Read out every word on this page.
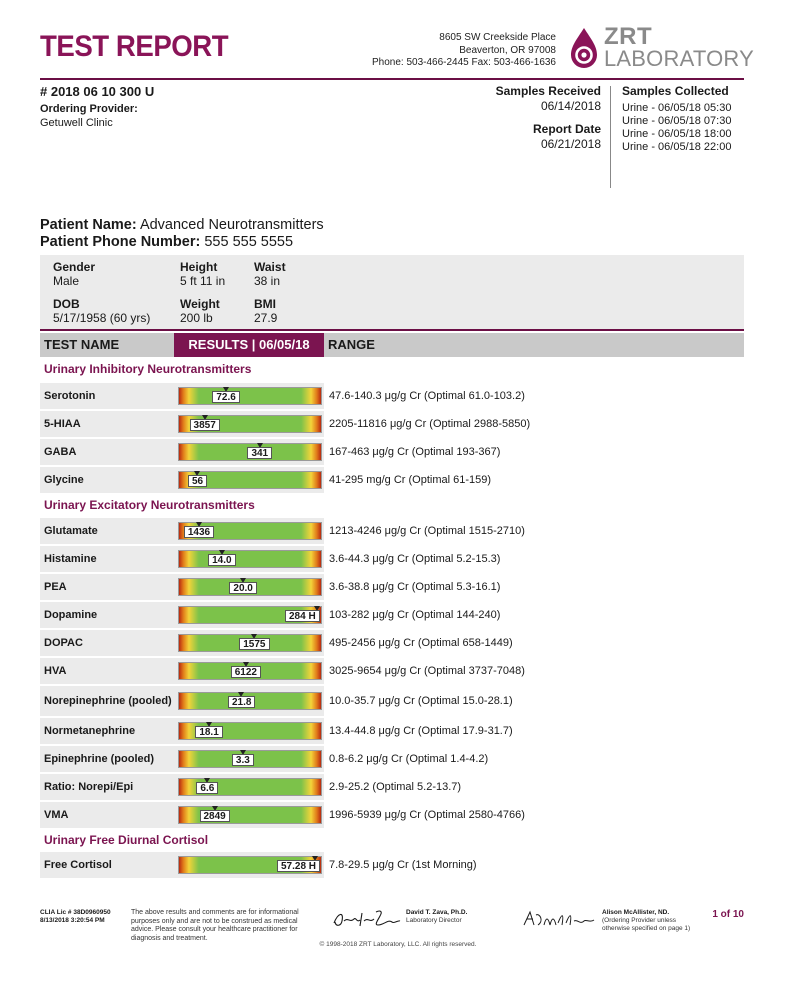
TEST REPORT	8605 SW Creekside Place
Beaverton, OR 97008
Phone: 503-466-2445 Fax: 503-466-1636
ZRT
LABORATORY
# 2018 06 10 300 U
Ordering Provider:
Getuwell Clinic
Samples Received
06/14/2018
Report Date
06/21/2018
Samples Collected
Urine - 06/05/18 05:30
Urine - 06/05/18 07:30
Urine - 06/05/18 18:00
Urine - 06/05/18 22:00
Patient Name: Advanced Neurotransmitters
Patient Phone Number: 555 555 5555
Gender
Male
Height
5 ft 11 in
Waist
38 in
DOB
5/17/1958 (60 yrs)
Weight
200 lb
BMI
27.9
TEST NAME	RESULTS | 06/05/18	RANGE
Urinary Inhibitory Neurotransmitters
Serotonin	72.6	47.6-140.3 μg/g Cr (Optimal 61.0-103.2)
5-HIAA	3857	2205-11816 μg/g Cr (Optimal 2988-5850)
GABA	341	167-463 μg/g Cr (Optimal 193-367)
Glycine	56	41-295 mg/g Cr (Optimal 61-159)
Urinary Excitatory Neurotransmitters
Glutamate	1436	1213-4246 μg/g Cr (Optimal 1515-2710)
Histamine	14.0	3.6-44.3 μg/g Cr (Optimal 5.2-15.3)
PEA	20.0	3.6-38.8 μg/g Cr (Optimal 5.3-16.1)
Dopamine	284 H	103-282 μg/g Cr (Optimal 144-240)
DOPAC	1575	495-2456 μg/g Cr (Optimal 658-1449)
HVA	6122	3025-9654 μg/g Cr (Optimal 3737-7048)
Norepinephrine (pooled)	21.8	10.0-35.7 μg/g Cr (Optimal 15.0-28.1)
Normetanephrine	18.1	13.4-44.8 μg/g Cr (Optimal 17.9-31.7)
Epinephrine (pooled)	3.3	0.8-6.2 μg/g Cr (Optimal 1.4-4.2)
Ratio: Norepi/Epi	6.6	2.9-25.2 (Optimal 5.2-13.7)
VMA	2849	1996-5939 μg/g Cr (Optimal 2580-4766)
Urinary Free Diurnal Cortisol
Free Cortisol	57.28 H	7.8-29.5 μg/g Cr (1st Morning)
CLIA Lic # 38D0960950
8/13/2018 3:20:54 PM
The above results and comments are for informational purposes only and are not to be construed as medical advice. Please consult your healthcare practitioner for diagnosis and treatment.
David T. Zava, Ph.D.
Laboratory Director
Alison McAllister, ND.
(Ordering Provider unless otherwise specified on page 1)
1 of 10
© 1998-2018 ZRT Laboratory, LLC. All rights reserved.
